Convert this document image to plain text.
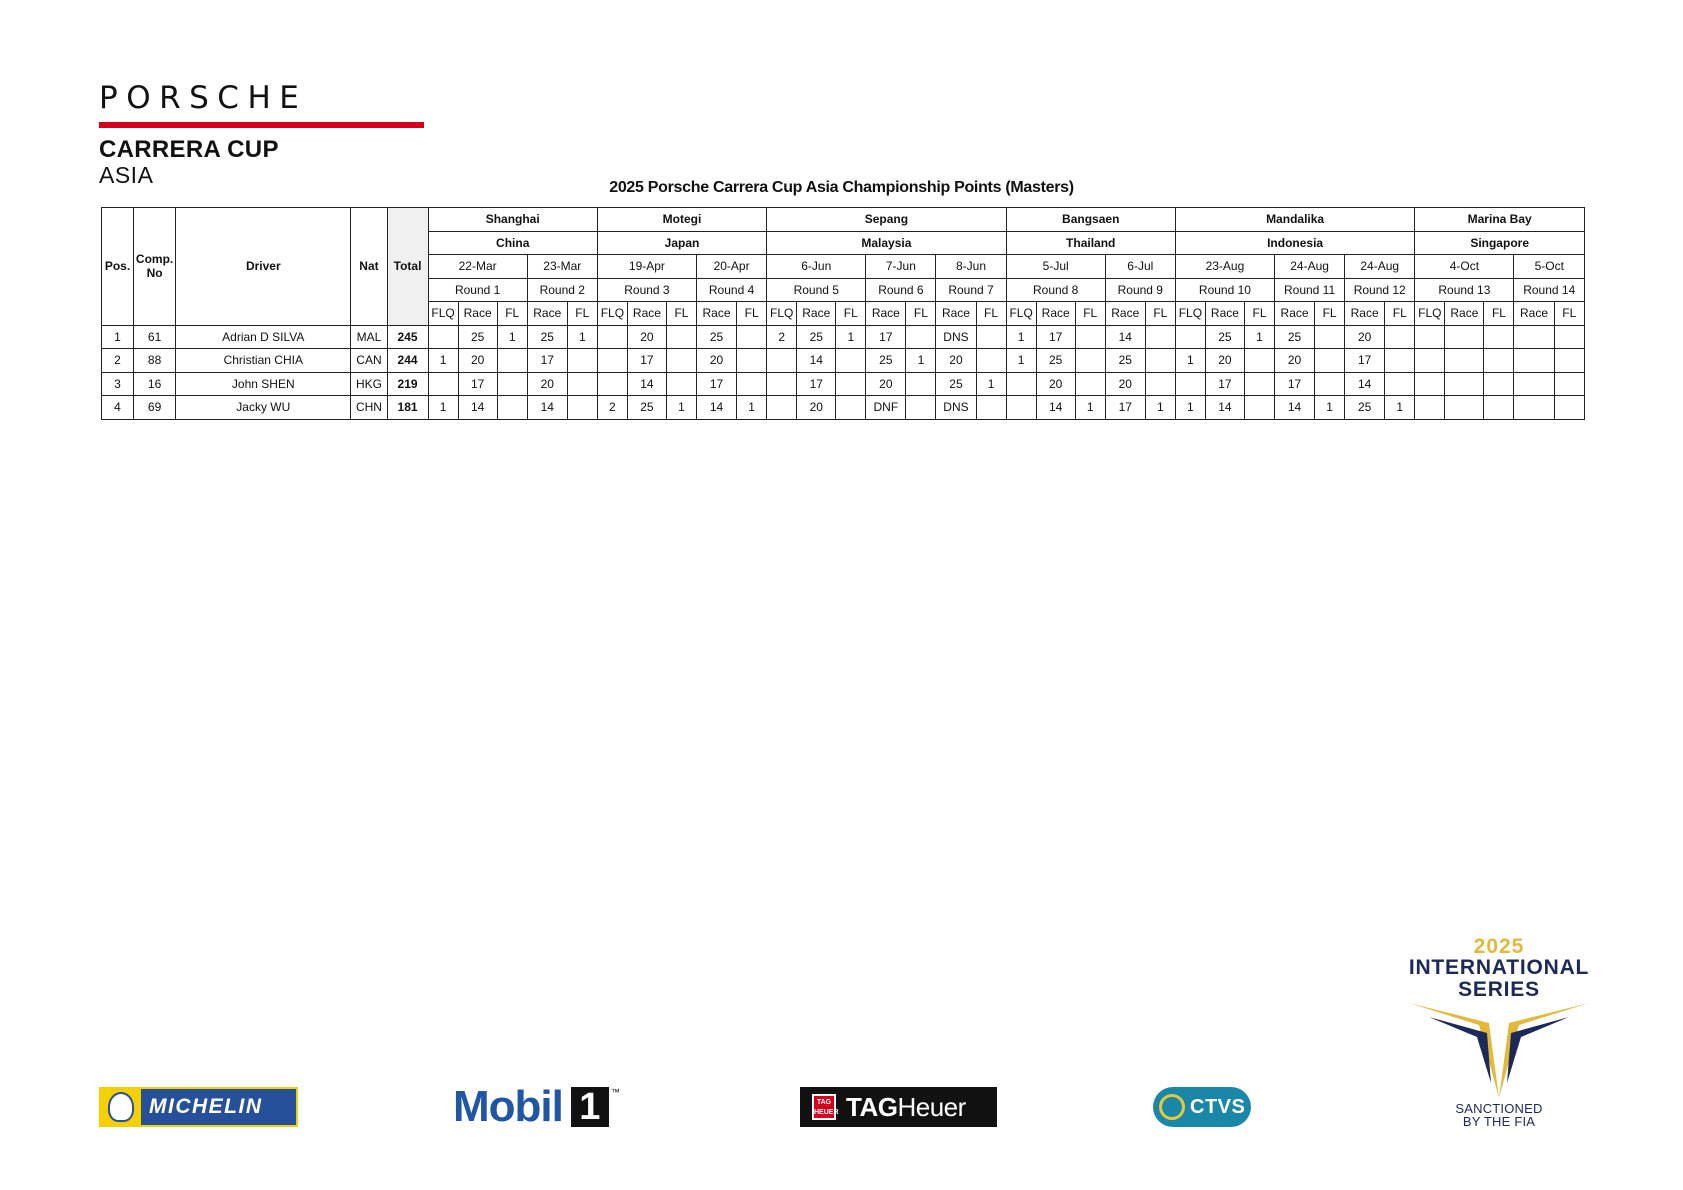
PORSCHE
CARRERA CUP
ASIA	2025 Porsche Carrera Cup Asia Championship Points (Masters)
Pos.	Comp. No	Driver	Nat	Total	Shanghai					Motegi					Sepang							Bangsaen					Mandalika							Marina Bay				
					China					Japan					Malaysia							Thailand					Indonesia							Singapore				
					22-Mar			23-Mar		19-Apr			20-Apr		6-Jun			7-Jun		8-Jun		5-Jul			6-Jul		23-Aug			24-Aug		24-Aug		4-Oct			5-Oct	
					Round 1			Round 2		Round 3			Round 4		Round 5			Round 6		Round 7		Round 8			Round 9		Round 10			Round 11		Round 12		Round 13			Round 14	
					FLQ	Race	FL	Race	FL	FLQ	Race	FL	Race	FL	FLQ	Race	FL	Race	FL	Race	FL	FLQ	Race	FL	Race	FL	FLQ	Race	FL	Race	FL	Race	FL	FLQ	Race	FL	Race	FL
1	61	Adrian D SILVA	MAL	245		25	1	25	1		20		25		2	25	1	17		DNS		1	17		14			25	1	25		20						
2	88	Christian CHIA	CAN	244	1	20		17			17		20			14		25	1	20		1	25		25		1	20		20		17						
3	16	John SHEN	HKG	219		17		20			14		17			17		20		25	1		20		20			17		17		14						
4	69	Jacky WU	CHN	181	1	14		14		2	25	1	14	1		20		DNF		DNS			14	1	17	1	1	14		14	1	25	1					
MICHELIN	Mobil 1	™
TAG HEUER TAGHeuer	CTVS
2025
INTERNATIONAL
SERIES
SANCTIONED
BY THE FIA
